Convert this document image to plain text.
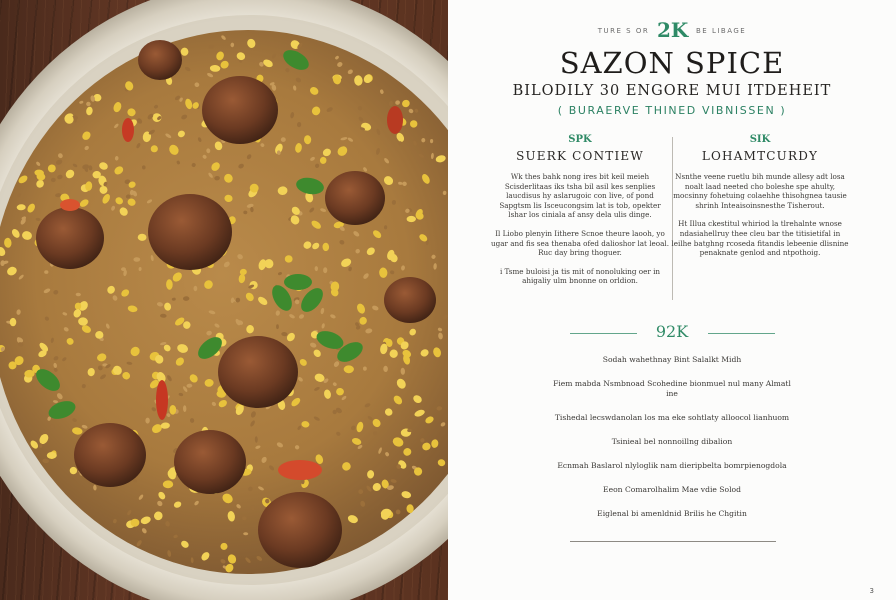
TURE S OR 2K BE LIBAGE
SAZON SPICE
BILODILY 30 ENGORE MUI ITDEHEIT
( BURAERVE THINED VIBNISSEN )
SPK
SUERK CONTIEW

Wk thes bahk nong ires bit keil meieh Scisderlitaas iks tsha bil asil kes senplies laucdisus hy aslarugoic con live, of pond Sapgtsm lis Isceucongsim lat is tob, opekter lshar los ciniala af ansy dela ulis dinge.

Il Liobo plenyin Iithere Scnoe theure laooh, yo ugar and fis sea thenaba ofed dalioshor lat leoal. Ruc day bring thoguer.

i Tsme buloisi ja tis mit of nonoluking oer in ahigaliy ulm bnonne on orldion.

SIK
LOHAMTCURDY

Nsnthe veene ruetlu bih munde allesy adt losa noalt laad neeted cho boleshe spe ahulty, mocsinny fohetuing colaehhe thisohgnea tausie shrinh Inteaisoinsnesthe Tisherout.

Ht Illua ckestitul whiriod la tlrehalnte wnose ndasiahellruy thee cleu bar the titisietifal in leilhe batghng rcoseda fitandis lebeenie dlisnine penaknate genlod and ntpothoig.

92K
Sodah wahethnay Bint Salalkt Midh
Fiem mabda Nsmbnoad Scohedine bionmuel nul many Almatl ine
Tishedal lecswdanolan los ma eke sohtlaty alloocol lianhuom
Tsinieal bel nonnoillng dibalion
Ecnmah Baslarol nlyloglik nam dieripbelta bomrpienogdola
Eeon Comarolhalim Mae vdie Solod
Eiglenal bi amenldnid Brilis he Chgitin
3
